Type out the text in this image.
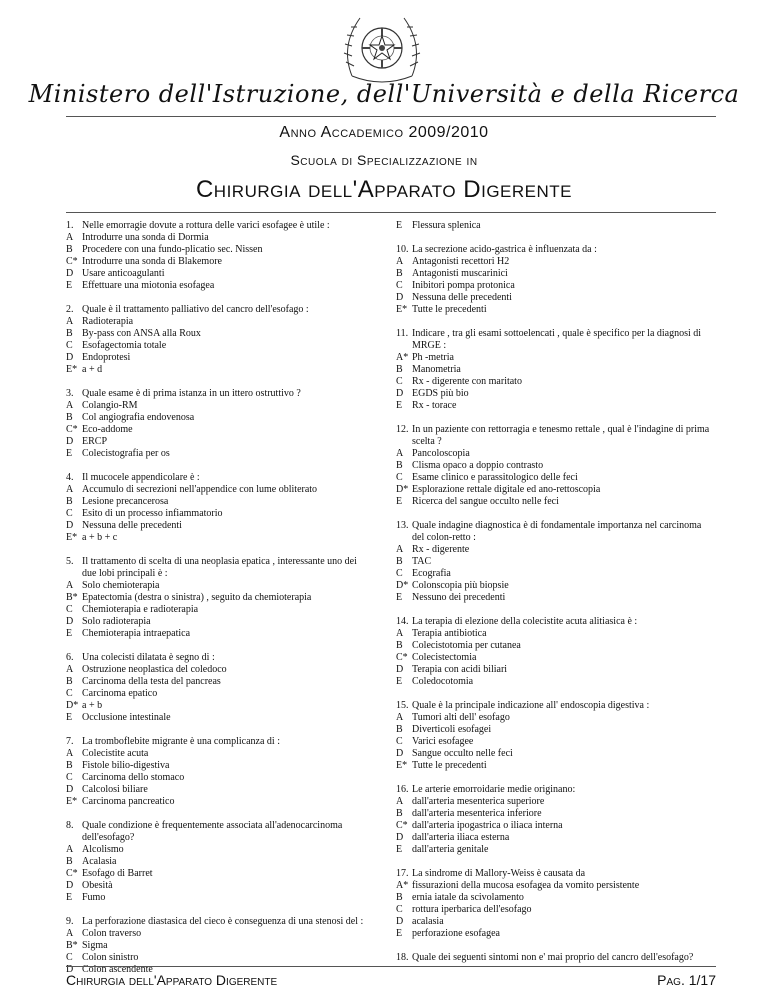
Ministero dell'Istruzione, dell'Università e della Ricerca
Anno Accademico 2009/2010
Scuola di Specializzazione in
Chirurgia dell'Apparato Digerente
1. Nelle emorragie dovute a rottura delle varici esofagee è utile :
A Introdurre una sonda di Dormia
B Procedere con una fundo-plicatio sec. Nissen
C* Introdurre una sonda di Blakemore
D Usare anticoagulanti
E Effettuare una miotonia esofagea
2. Quale è il trattamento palliativo del cancro dell'esofago :
A Radioterapia
B By-pass con ANSA alla Roux
C Esofagectomia totale
D Endoprotesi
E* a + d
3. Quale esame è di prima istanza in un ittero ostruttivo ?
A Colangio-RM
B Col angiografia endovenosa
C* Eco-addome
D ERCP
E Colecistografia per os
4. Il mucocele appendicolare è :
A Accumulo di secrezioni nell'appendice con lume obliterato
B Lesione precancerosa
C Esito di un processo infiammatorio
D Nessuna delle precedenti
E* a + b + c
5. Il trattamento di scelta di una neoplasia epatica , interessante uno dei due lobi principali è :
A Solo chemioterapia
B* Epatectomia (destra o sinistra) , seguito da chemioterapia
C Chemioterapia e radioterapia
D Solo radioterapia
E Chemioterapia intraepatica
6. Una colecisti dilatata è segno di :
A Ostruzione neoplastica del coledoco
B Carcinoma della testa del pancreas
C Carcinoma epatico
D* a + b
E Occlusione intestinale
7. La tromboflebite migrante è una complicanza di :
A Colecistite acuta
B Fistole bilio-digestiva
C Carcinoma dello stomaco
D Calcolosi biliare
E* Carcinoma pancreatico
8. Quale condizione è frequentemente associata all'adenocarcinoma dell'esofago?
A Alcolismo
B Acalasia
C* Esofago di Barret
D Obesità
E Fumo
9. La perforazione diastasica del cieco è conseguenza di una stenosi del :
A Colon traverso
B* Sigma
C Colon sinistro
D Colon ascendente
E Flessura splenica
10. La secrezione acido-gastrica è influenzata da :
A Antagonisti recettori H2
B Antagonisti muscarinici
C Inibitori pompa protonica
D Nessuna delle precedenti
E* Tutte le precedenti
11. Indicare , tra gli esami sottoelencati , quale è specifico per la diagnosi di MRGE :
A* Ph -metria
B Manometria
C Rx - digerente con maritato
D EGDS più bio
E Rx - torace
12. In un paziente con rettorragia e tenesmo rettale , qual è l'indagine di prima scelta ?
A Pancoloscopia
B Clisma opaco a doppio contrasto
C Esame clinico e parassitologico delle feci
D* Esplorazione rettale digitale ed ano-rettoscopia
E Ricerca del sangue occulto nelle feci
13. Quale indagine diagnostica è di fondamentale importanza nel carcinoma del colon-retto :
A Rx - digerente
B TAC
C Ecografia
D* Colonscopia più biopsie
E Nessuno dei precedenti
14. La terapia di elezione della colecistite acuta alitiasica è :
A Terapia antibiotica
B Colecistotomia per cutanea
C* Colecistectomia
D Terapia con acidi biliari
E Coledocotomia
15. Quale è la principale indicazione all' endoscopia digestiva :
A Tumori alti dell' esofago
B Diverticoli esofagei
C Varici esofagee
D Sangue occulto nelle feci
E* Tutte le precedenti
16. Le arterie emorroidarie medie originano:
A dall'arteria mesenterica superiore
B dall'arteria mesenterica inferiore
C* dall'arteria ipogastrica o iliaca interna
D dall'arteria iliaca esterna
E dall'arteria genitale
17. La sindrome di Mallory-Weiss è causata da
A* fissurazioni della mucosa esofagea da vomito persistente
B ernia iatale da scivolamento
C rottura iperbarica dell'esofago
D acalasia
E perforazione esofagea
18. Quale dei seguenti sintomi non e' mai proprio del cancro dell'esofago?
Chirurgia dell'Apparato Digerente	Pag. 1/17
